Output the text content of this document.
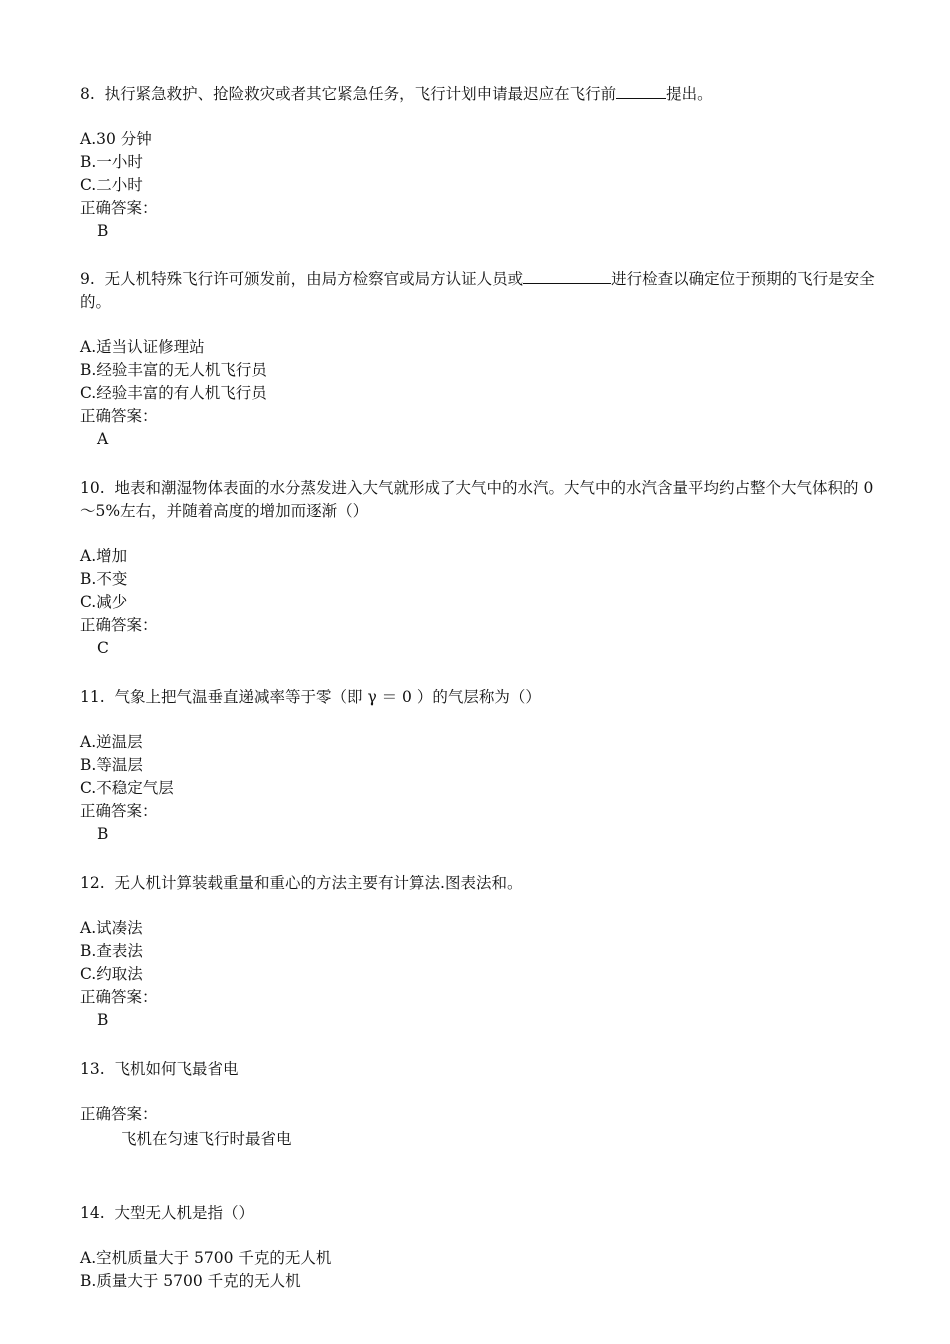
8. 执行紧急救护、抢险救灾或者其它紧急任务，飞行计划申请最迟应在飞行前	提出。

A.30 分钟

B.一小时

C.二小时

正确答案：

B

9. 无人机特殊飞行许可颁发前，由局方检察官或局方认证人员或	进行检查以确定位于预期的飞行是安全的。

A.适当认证修理站

B.经验丰富的无人机飞行员

C.经验丰富的有人机飞行员

正确答案：

A

10. 地表和潮湿物体表面的水分蒸发进入大气就形成了大气中的水汽。大气中的水汽含量平均约占整个大气体积的 0～5%左右，并随着高度的增加而逐渐（）

A.增加

B.不变

C.减少

正确答案：

C

11. 气象上把气温垂直递减率等于零（即 γ ＝ 0 ）的气层称为（）

A.逆温层

B.等温层

C.不稳定气层

正确答案：

B

12. 无人机计算装载重量和重心的方法主要有计算法.图表法和。

A.试凑法

B.查表法

C.约取法

正确答案：

B

13. 飞机如何飞最省电

正确答案：

飞机在匀速飞行时最省电

14. 大型无人机是指（）

A.空机质量大于 5700 千克的无人机

B.质量大于 5700 千克的无人机
